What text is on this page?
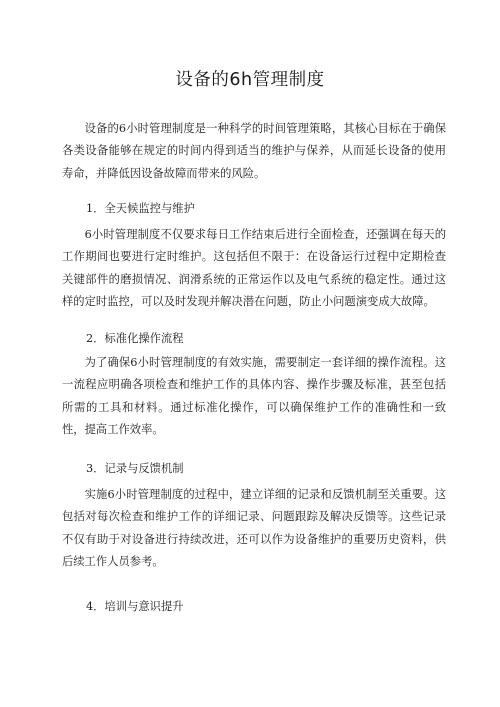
设备的6h管理制度

设备的6小时管理制度是一种科学的时间管理策略，其核心目标在于确保各类设备能够在规定的时间内得到适当的维护与保养，从而延长设备的使用寿命，并降低因设备故障而带来的风险。

1．全天候监控与维护

6小时管理制度不仅要求每日工作结束后进行全面检查，还强调在每天的工作期间也要进行定时维护。这包括但不限于：在设备运行过程中定期检查关键部件的磨损情况、润滑系统的正常运作以及电气系统的稳定性。通过这样的定时监控，可以及时发现并解决潜在问题，防止小问题演变成大故障。

2．标准化操作流程

为了确保6小时管理制度的有效实施，需要制定一套详细的操作流程。这一流程应明确各项检查和维护工作的具体内容、操作步骤及标准，甚至包括所需的工具和材料。通过标准化操作，可以确保维护工作的准确性和一致性，提高工作效率。

3．记录与反馈机制

实施6小时管理制度的过程中，建立详细的记录和反馈机制至关重要。这包括对每次检查和维护工作的详细记录、问题跟踪及解决反馈等。这些记录不仅有助于对设备进行持续改进，还可以作为设备维护的重要历史资料，供后续工作人员参考。

4．培训与意识提升
